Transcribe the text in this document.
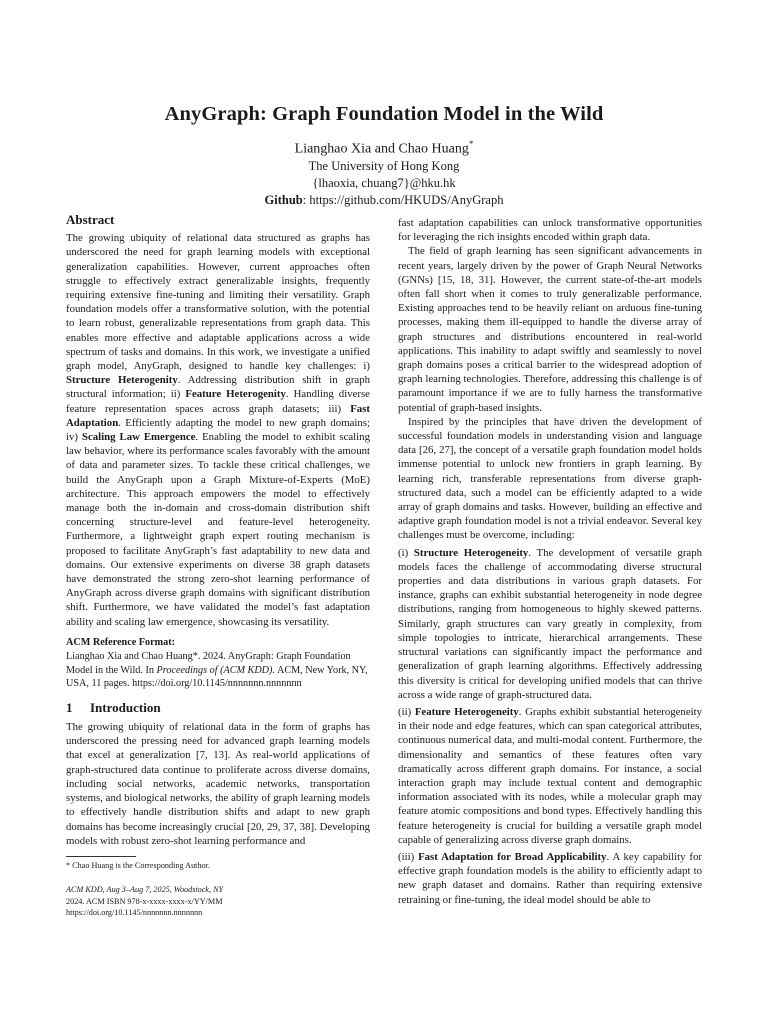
AnyGraph: Graph Foundation Model in the Wild
Lianghao Xia and Chao Huang*
The University of Hong Kong
{lhaoxia, chuang7}@hku.hk
Github: https://github.com/HKUDS/AnyGraph
Abstract

The growing ubiquity of relational data structured as graphs has underscored the need for graph learning models with exceptional generalization capabilities. However, current approaches often struggle to effectively extract generalizable insights, frequently requiring extensive fine-tuning and limiting their versatility. Graph foundation models offer a transformative solution, with the potential to learn robust, generalizable representations from graph data. This enables more effective and adaptable applications across a wide spectrum of tasks and domains. In this work, we investigate a unified graph model, AnyGraph, designed to handle key challenges: i) Structure Heterogenity. Addressing distribution shift in graph structural information; ii) Feature Heterogenity. Handling diverse feature representation spaces across graph datasets; iii) Fast Adaptation. Efficiently adapting the model to new graph domains; iv) Scaling Law Emergence. Enabling the model to exhibit scaling law behavior, where its performance scales favorably with the amount of data and parameter sizes. To tackle these critical challenges, we build the AnyGraph upon a Graph Mixture-of-Experts (MoE) architecture. This approach empowers the model to effectively manage both the in-domain and cross-domain distribution shift concerning structure-level and feature-level heterogeneity. Furthermore, a lightweight graph expert routing mechanism is proposed to facilitate AnyGraph’s fast adaptability to new data and domains. Our extensive experiments on diverse 38 graph datasets have demonstrated the strong zero-shot learning performance of AnyGraph across diverse graph domains with significant distribution shift. Furthermore, we have validated the model’s fast adaptation ability and scaling law emergence, showcasing its versatility.

ACM Reference Format:

Lianghao Xia and Chao Huang*. 2024. AnyGraph: Graph Foundation Model in the Wild. In Proceedings of (ACM KDD). ACM, New York, NY, USA, 11 pages. https://doi.org/10.1145/nnnnnnn.nnnnnnn

1 Introduction

The growing ubiquity of relational data in the form of graphs has underscored the pressing need for advanced graph learning models that excel at generalization [7, 13]. As real-world applications of graph-structured data continue to proliferate across diverse domains, including social networks, academic networks, transportation systems, and biological networks, the ability of graph learning models to effectively handle distribution shifts and adapt to new graph domains has become increasingly crucial [20, 29, 37, 38]. Developing models with robust zero-shot learning performance and

fast adaptation capabilities can unlock transformative opportunities for leveraging the rich insights encoded within graph data.

The field of graph learning has seen significant advancements in recent years, largely driven by the power of Graph Neural Networks (GNNs) [15, 18, 31]. However, the current state-of-the-art models often fall short when it comes to truly generalizable performance. Existing approaches tend to be heavily reliant on arduous fine-tuning processes, making them ill-equipped to handle the diverse array of graph structures and distributions encountered in real-world applications. This inability to adapt swiftly and seamlessly to novel graph domains poses a critical barrier to the widespread adoption of graph learning technologies. Therefore, addressing this challenge is of paramount importance if we are to fully harness the transformative potential of graph-based insights.

Inspired by the principles that have driven the development of successful foundation models in understanding vision and language data [26, 27], the concept of a versatile graph foundation model holds immense potential to unlock new frontiers in graph learning. By learning rich, transferable representations from diverse graph-structured data, such a model can be efficiently adapted to a wide array of graph domains and tasks. However, building an effective and adaptive graph foundation model is not a trivial endeavor. Several key challenges must be overcome, including:

(i) Structure Heterogeneity. The development of versatile graph models faces the challenge of accommodating diverse structural properties and data distributions in various graph datasets. For instance, graphs can exhibit substantial heterogeneity in node degree distributions, ranging from homogeneous to highly skewed patterns. Similarly, graph structures can vary greatly in complexity, from simple topologies to intricate, hierarchical arrangements. These structural variations can significantly impact the performance and generalization of graph learning algorithms. Effectively addressing this diversity is critical for developing unified models that can thrive across a wide range of graph-structured data.

(ii) Feature Heterogeneity. Graphs exhibit substantial heterogeneity in their node and edge features, which can span categorical attributes, continuous numerical data, and multi-modal content. Furthermore, the dimensionality and semantics of these features often vary dramatically across different graph domains. For instance, a social interaction graph may include textual content and demographic information associated with its nodes, while a molecular graph may feature atomic compositions and bond types. Effectively handling this feature heterogeneity is crucial for building a versatile graph model capable of generalizing across diverse graph domains.

(iii) Fast Adaptation for Broad Applicability. A key capability for effective graph foundation models is the ability to efficiently adapt to new graph dataset and domains. Rather than requiring extensive retraining or fine-tuning, the ideal model should be able to

* Chao Huang is the Corresponding Author.
ACM KDD, Aug 3–Aug 7, 2025, Woodstock, NY
2024. ACM ISBN 978-x-xxxx-xxxx-x/YY/MM
https://doi.org/10.1145/nnnnnnn.nnnnnnn
